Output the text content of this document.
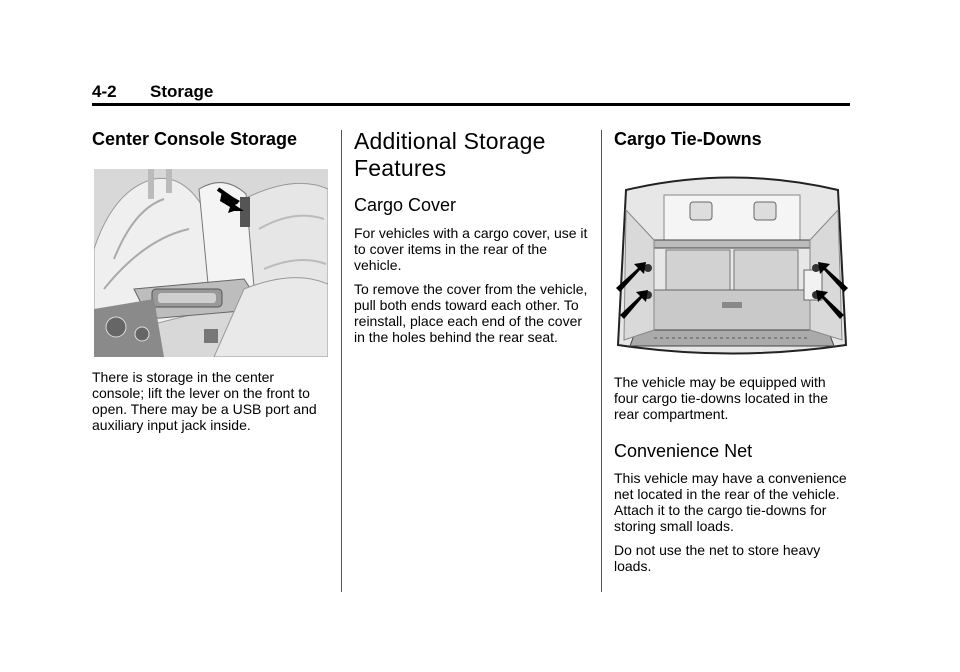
4-2 Storage
Center Console Storage

There is storage in the center console; lift the lever on the front to open. There may be a USB port and auxiliary input jack inside.

Additional Storage Features
Cargo Cover

For vehicles with a cargo cover, use it to cover items in the rear of the vehicle.

To remove the cover from the vehicle, pull both ends toward each other. To reinstall, place each end of the cover in the holes behind the rear seat.

Cargo Tie-Downs

The vehicle may be equipped with four cargo tie-downs located in the rear compartment.

Convenience Net

This vehicle may have a convenience net located in the rear of the vehicle. Attach it to the cargo tie-downs for storing small loads.

Do not use the net to store heavy loads.
